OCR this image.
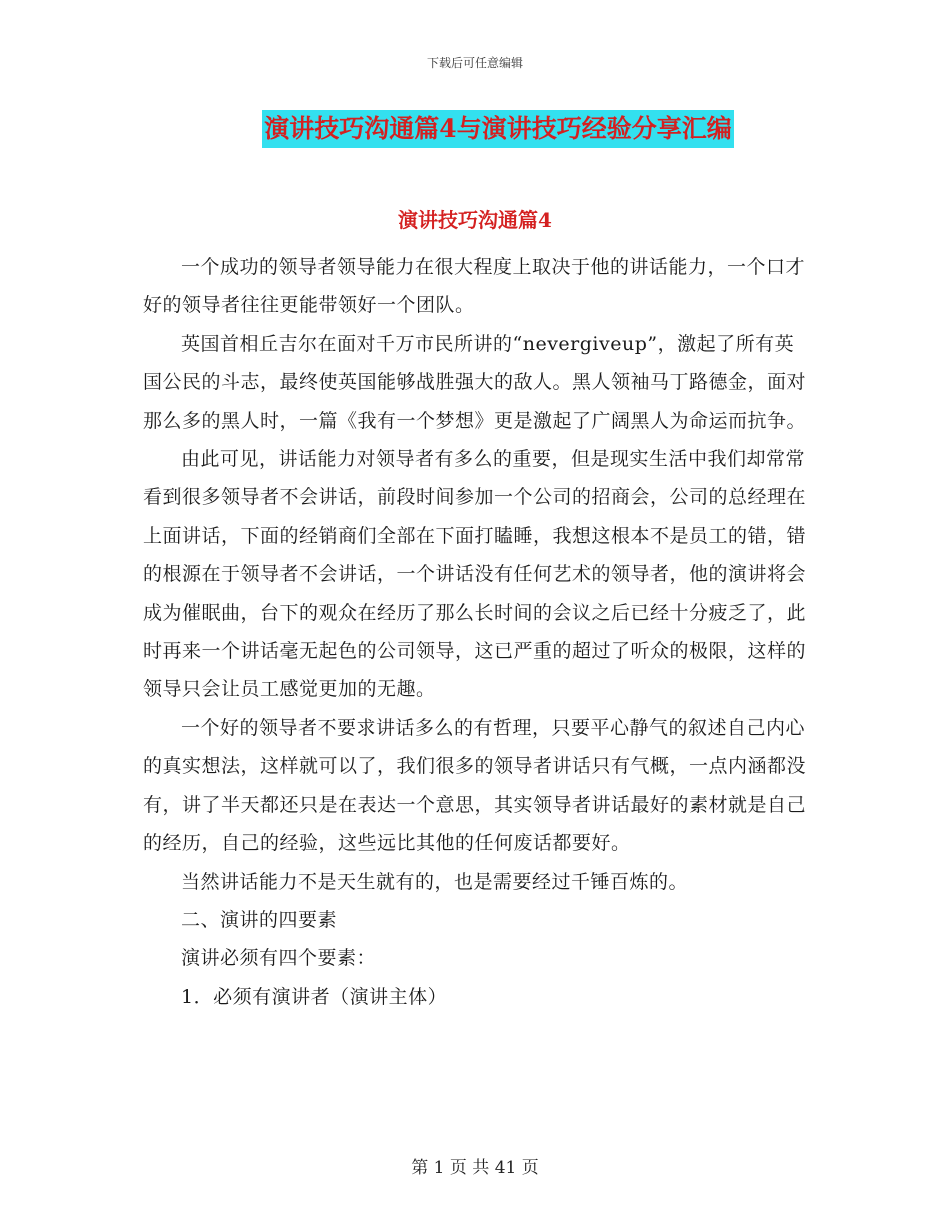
下载后可任意编辑
演讲技巧沟通篇4与演讲技巧经验分享汇编
演讲技巧沟通篇4

一个成功的领导者领导能力在很大程度上取决于他的讲话能力，一个口才好的领导者往往更能带领好一个团队。

英国首相丘吉尔在面对千万市民所讲的“nevergiveup”，激起了所有英国公民的斗志，最终使英国能够战胜强大的敌人。黑人领袖马丁路德金，面对那么多的黑人时，一篇《我有一个梦想》更是激起了广阔黑人为命运而抗争。

由此可见，讲话能力对领导者有多么的重要，但是现实生活中我们却常常看到很多领导者不会讲话，前段时间参加一个公司的招商会，公司的总经理在上面讲话，下面的经销商们全部在下面打瞌睡，我想这根本不是员工的错，错的根源在于领导者不会讲话，一个讲话没有任何艺术的领导者，他的演讲将会成为催眠曲，台下的观众在经历了那么长时间的会议之后已经十分疲乏了，此时再来一个讲话毫无起色的公司领导，这已严重的超过了听众的极限，这样的领导只会让员工感觉更加的无趣。

一个好的领导者不要求讲话多么的有哲理，只要平心静气的叙述自己内心的真实想法，这样就可以了，我们很多的领导者讲话只有气概，一点内涵都没有，讲了半天都还只是在表达一个意思，其实领导者讲话最好的素材就是自己的经历，自己的经验，这些远比其他的任何废话都要好。

当然讲话能力不是天生就有的，也是需要经过千锤百炼的。

二、演讲的四要素

演讲必须有四个要素：

1．必须有演讲者（演讲主体）

第 1 页 共 41 页
